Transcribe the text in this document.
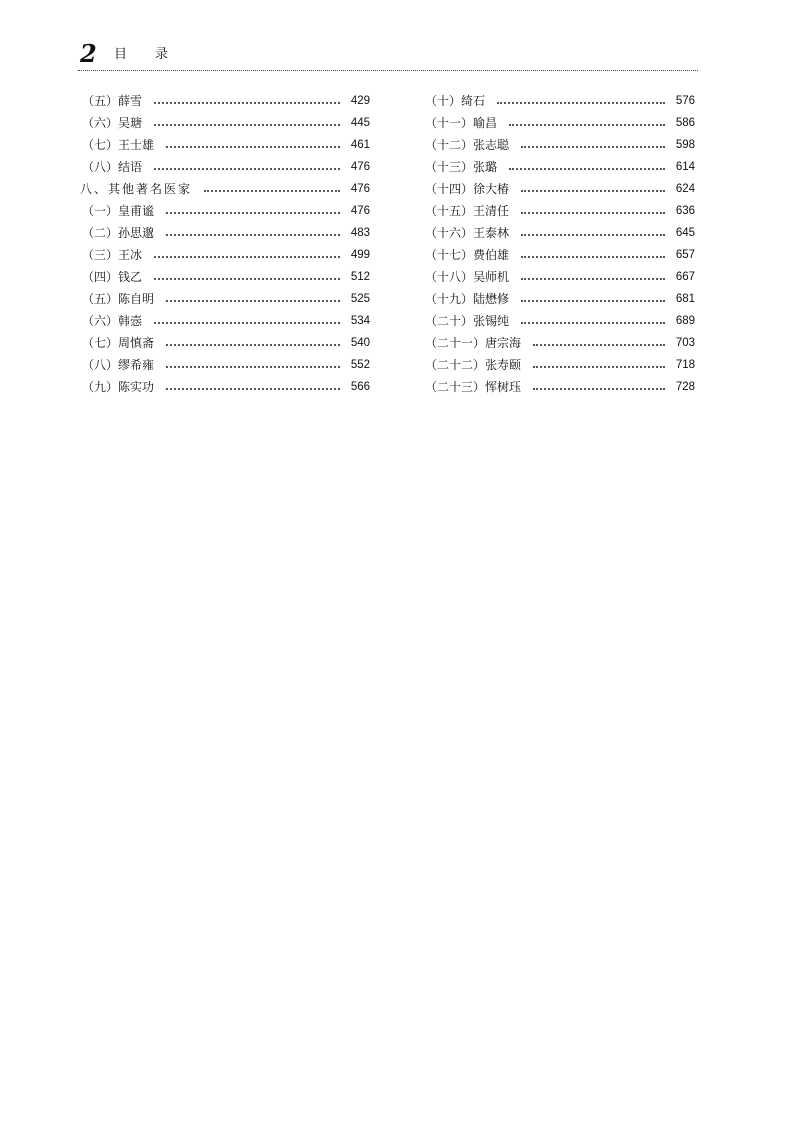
2 目录
（五）薛雪	429
（六）吴瑭	445
（七）王士雄	461
（八）结语	476
八、其他著名医家	476
（一）皇甫谧	476
（二）孙思邈	483
（三）王冰	499
（四）钱乙	512
（五）陈自明	525
（六）韩悫	534
（七）周慎斋	540
（八）缪希雍	552
（九）陈实功	566
（十）绮石	576
（十一）喻昌	586
（十二）张志聪	598
（十三）张璐	614
（十四）徐大椿	624
（十五）王清任	636
（十六）王泰林	645
（十七）费伯雄	657
（十八）吴师机	667
（十九）陆懋修	681
（二十）张锡纯	689
（二十一）唐宗海	703
（二十二）张寿颐	718
（二十三）恽树珏	728
